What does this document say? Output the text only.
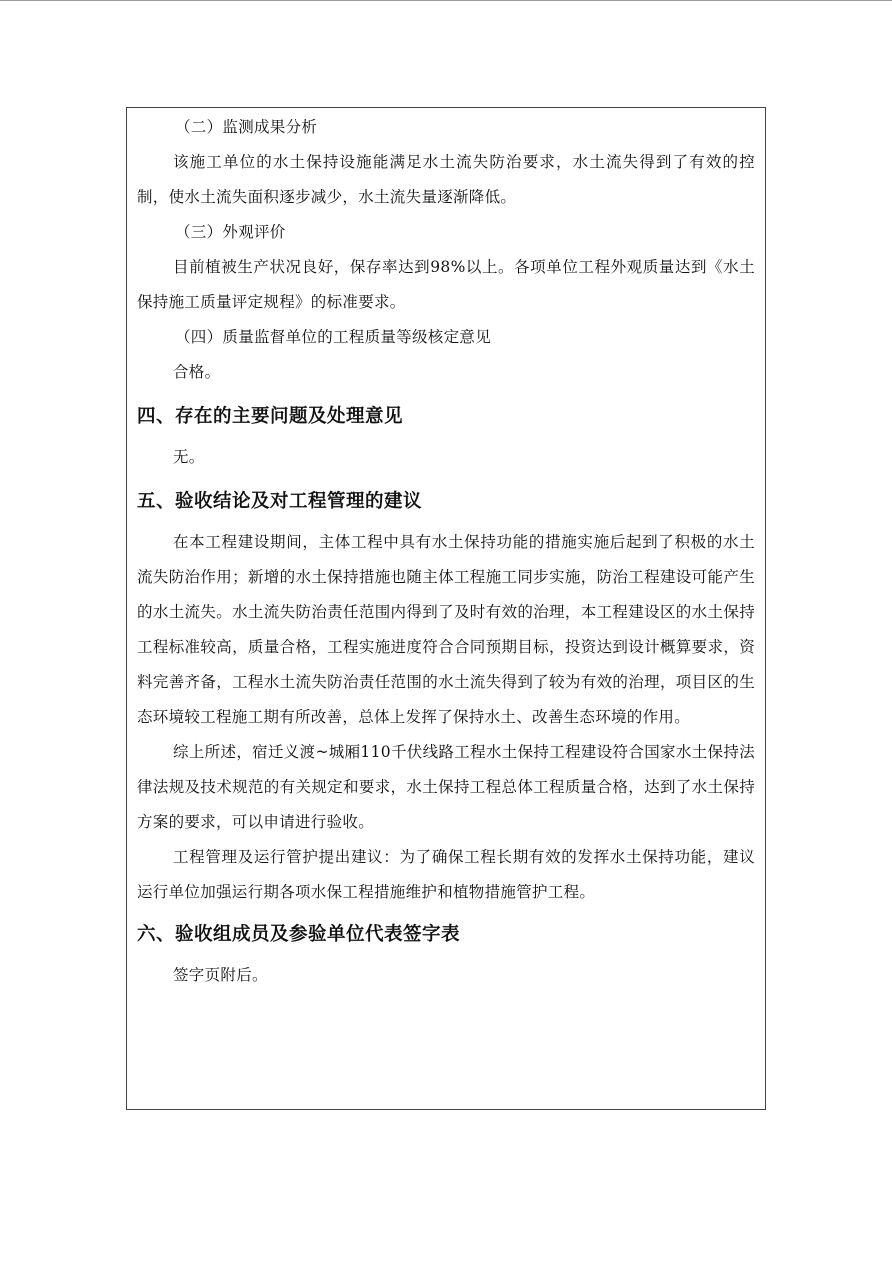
（二）监测成果分析

该施工单位的水土保持设施能满足水土流失防治要求，水土流失得到了有效的控制，使水土流失面积逐步减少，水土流失量逐渐降低。

（三）外观评价

目前植被生产状况良好，保存率达到98%以上。各项单位工程外观质量达到《水土保持施工质量评定规程》的标准要求。

（四）质量监督单位的工程质量等级核定意见

合格。

四、存在的主要问题及处理意见

无。

五、验收结论及对工程管理的建议

在本工程建设期间，主体工程中具有水土保持功能的措施实施后起到了积极的水土流失防治作用；新增的水土保持措施也随主体工程施工同步实施，防治工程建设可能产生的水土流失。水土流失防治责任范围内得到了及时有效的治理，本工程建设区的水土保持工程标准较高，质量合格，工程实施进度符合合同预期目标，投资达到设计概算要求，资料完善齐备，工程水土流失防治责任范围的水土流失得到了较为有效的治理，项目区的生态环境较工程施工期有所改善，总体上发挥了保持水土、改善生态环境的作用。

综上所述，宿迁义渡~城厢110千伏线路工程水土保持工程建设符合国家水土保持法律法规及技术规范的有关规定和要求，水土保持工程总体工程质量合格，达到了水土保持方案的要求，可以申请进行验收。

工程管理及运行管护提出建议：为了确保工程长期有效的发挥水土保持功能，建议运行单位加强运行期各项水保工程措施维护和植物措施管护工程。

六、验收组成员及参验单位代表签字表

签字页附后。
